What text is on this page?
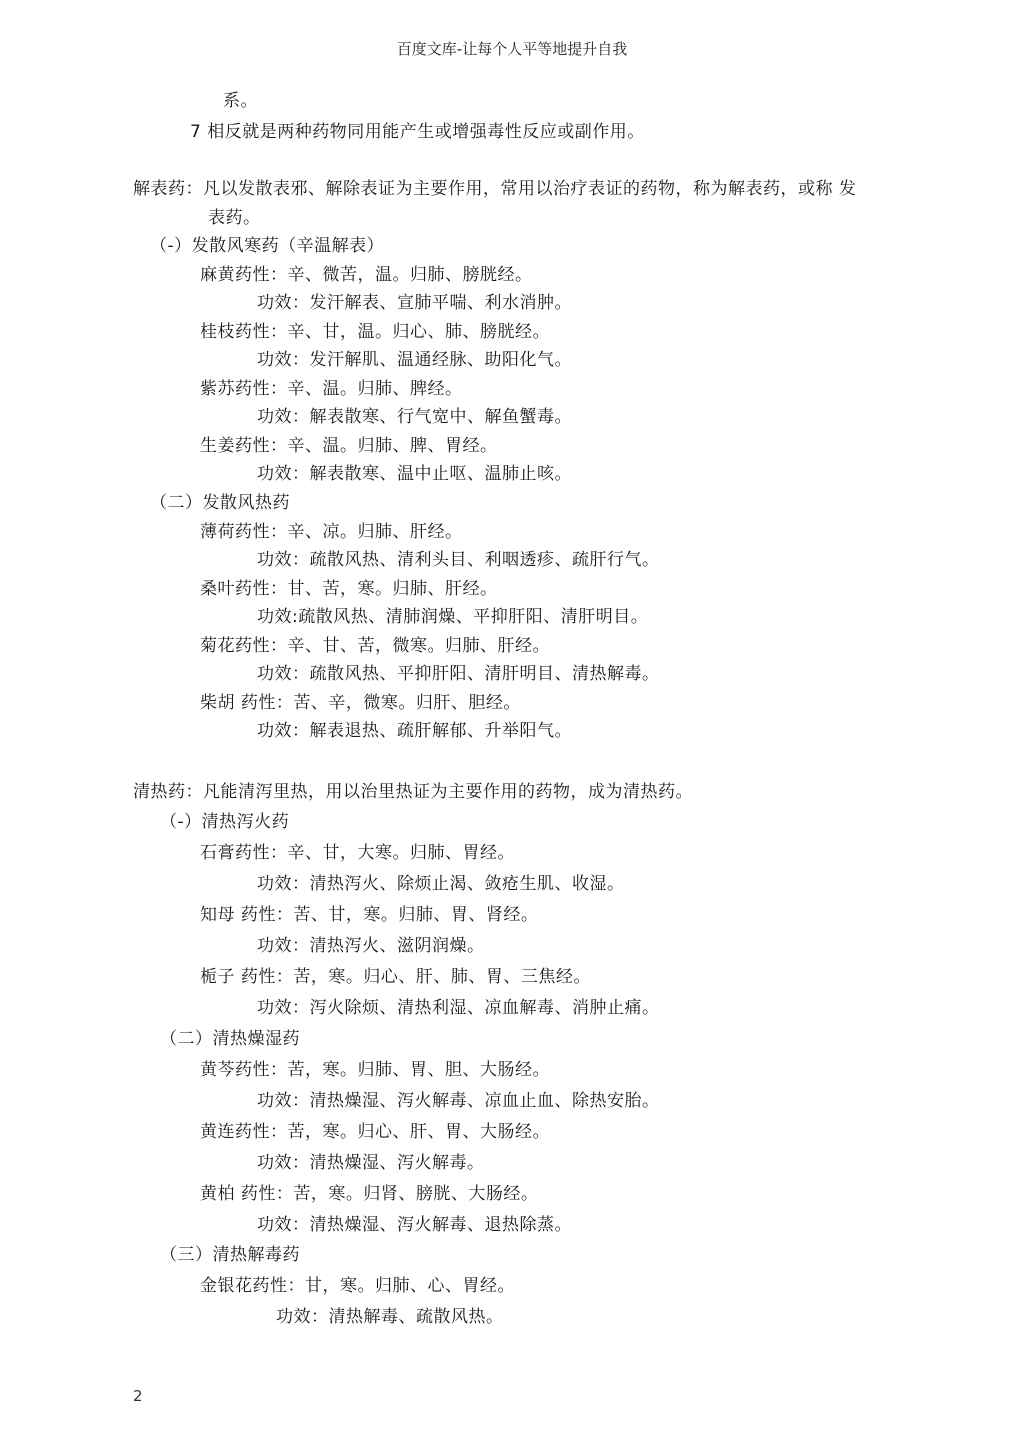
百度文库-让每个人平等地提升自我
系。
7 相反就是两种药物同用能产生或增强毒性反应或副作用。
解表药：凡以发散表邪、解除表证为主要作用，常用以治疗表证的药物，称为解表药，或称 发
表药。
（-）发散风寒药（辛温解表）
麻黄药性：辛、微苦，温。归肺、膀胱经。
功效：发汗解表、宣肺平喘、利水消肿。
桂枝药性：辛、甘，温。归心、肺、膀胱经。
功效：发汗解肌、温通经脉、助阳化气。
紫苏药性：辛、温。归肺、脾经。
功效：解表散寒、行气宽中、解鱼蟹毒。
生姜药性：辛、温。归肺、脾、胃经。
功效：解表散寒、温中止呕、温肺止咳。
（二）发散风热药
薄荷药性：辛、凉。归肺、肝经。
功效：疏散风热、清利头目、利咽透疹、疏肝行气。
桑叶药性：甘、苦，寒。归肺、肝经。
功效:疏散风热、清肺润燥、平抑肝阳、清肝明目。
菊花药性：辛、甘、苦，微寒。归肺、肝经。
功效：疏散风热、平抑肝阳、清肝明目、清热解毒。
柴胡 药性：苦、辛，微寒。归肝、胆经。
功效：解表退热、疏肝解郁、升举阳气。
清热药：凡能清泻里热，用以治里热证为主要作用的药物，成为清热药。
（-）清热泻火药
石膏药性：辛、甘，大寒。归肺、胃经。
功效：清热泻火、除烦止渴、敛疮生肌、收湿。
知母 药性：苦、甘，寒。归肺、胃、肾经。
功效：清热泻火、滋阴润燥。
栀子 药性：苦，寒。归心、肝、肺、胃、三焦经。
功效：泻火除烦、清热利湿、凉血解毒、消肿止痛。
（二）清热燥湿药
黄芩药性：苦，寒。归肺、胃、胆、大肠经。
功效：清热燥湿、泻火解毒、凉血止血、除热安胎。
黄连药性：苦，寒。归心、肝、胃、大肠经。
功效：清热燥湿、泻火解毒。
黄柏 药性：苦，寒。归肾、膀胱、大肠经。
功效：清热燥湿、泻火解毒、退热除蒸。
（三）清热解毒药
金银花药性：甘，寒。归肺、心、胃经。
功效：清热解毒、疏散风热。
2
